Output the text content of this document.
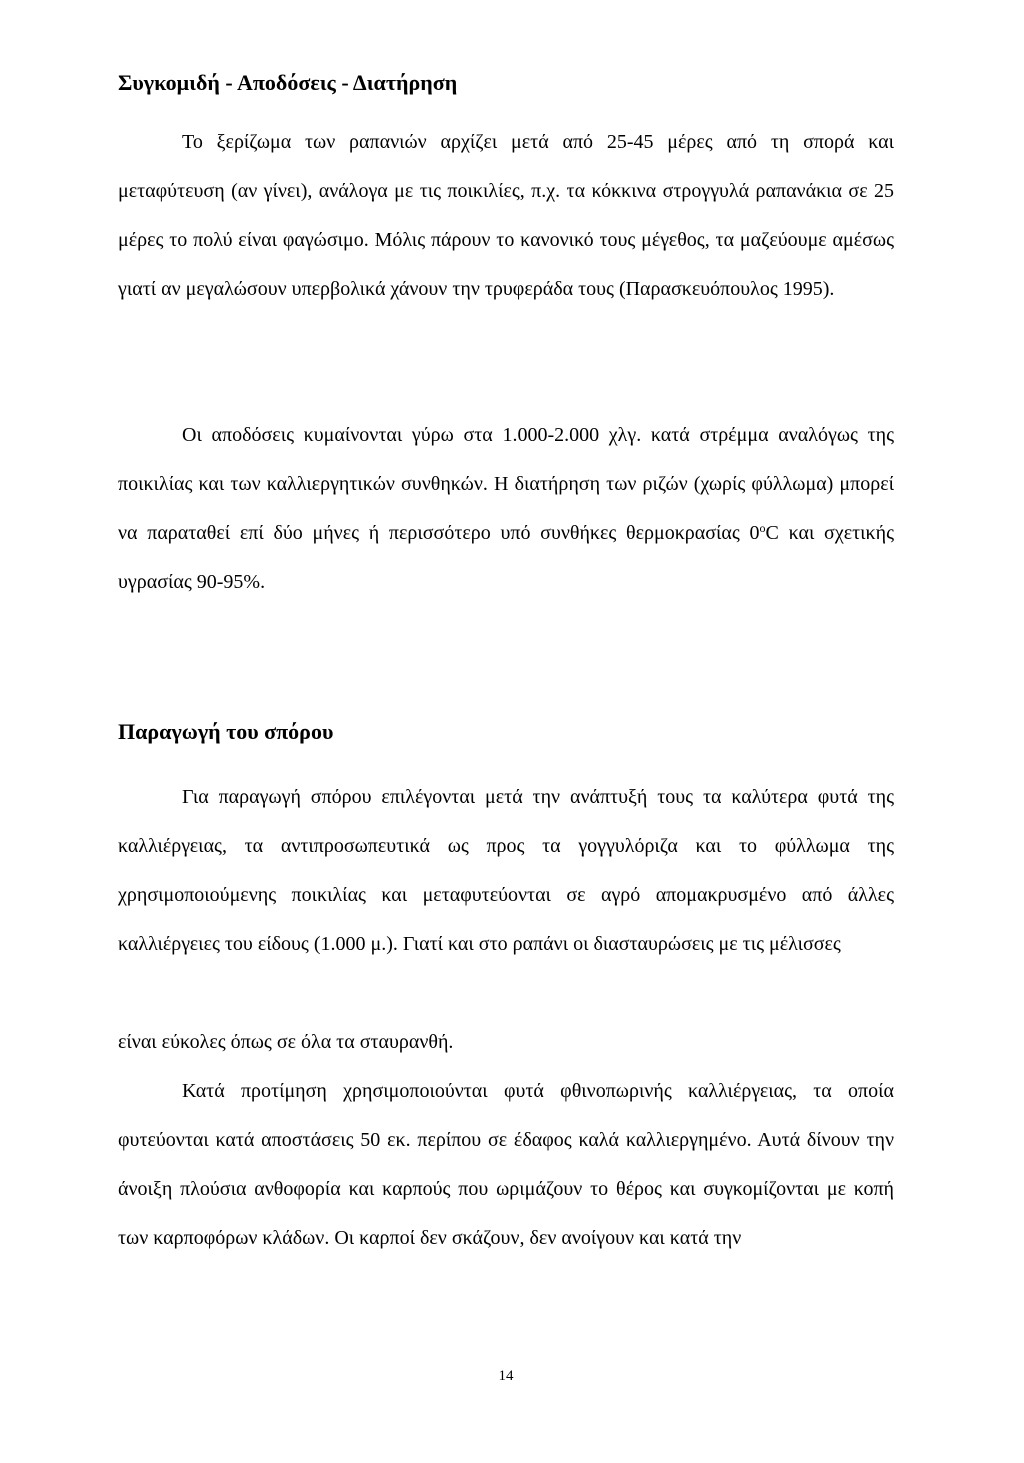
Συγκομιδή - Αποδόσεις - Διατήρηση

Το ξερίζωμα των ραπανιών αρχίζει μετά από 25-45 μέρες από τη σπορά και μεταφύτευση (αν γίνει), ανάλογα με τις ποικιλίες, π.χ. τα κόκκινα στρογγυλά ραπανάκια σε 25 μέρες το πολύ είναι φαγώσιμο. Μόλις πάρουν το κανονικό τους μέγεθος, τα μαζεύουμε αμέσως γιατί αν μεγαλώσουν υπερβολικά χάνουν την τρυφεράδα τους (Παρασκευόπουλος 1995).

Οι αποδόσεις κυμαίνονται γύρω στα 1.000-2.000 χλγ. κατά στρέμμα αναλόγως της ποικιλίας και των καλλιεργητικών συνθηκών. Η διατήρηση των ριζών (χωρίς φύλλωμα) μπορεί να παραταθεί επί δύο μήνες ή περισσότερο υπό συνθήκες θερμοκρασίας 0$^o$C και σχετικής υγρασίας 90-95%.

Παραγωγή του σπόρου

Για παραγωγή σπόρου επιλέγονται μετά την ανάπτυξή τους τα καλύτερα φυτά της καλλιέργειας, τα αντιπροσωπευτικά ως προς τα γογγυλόριζα και το φύλλωμα της χρησιμοποιούμενης ποικιλίας και μεταφυτεύονται σε αγρό απομακρυσμένο από άλλες καλλιέργειες του είδους (1.000 μ.). Γιατί και στο ραπάνι οι διασταυρώσεις με τις μέλισσες

είναι εύκολες όπως σε όλα τα σταυρανθή.

Κατά προτίμηση χρησιμοποιούνται φυτά φθινοπωρινής καλλιέργειας, τα οποία φυτεύονται κατά αποστάσεις 50 εκ. περίπου σε έδαφος καλά καλλιεργημένο. Αυτά δίνουν την άνοιξη πλούσια ανθοφορία και καρπούς που ωριμάζουν το θέρος και συγκομίζονται με κοπή των καρποφόρων κλάδων. Οι καρποί δεν σκάζουν, δεν ανοίγουν και κατά την

14
